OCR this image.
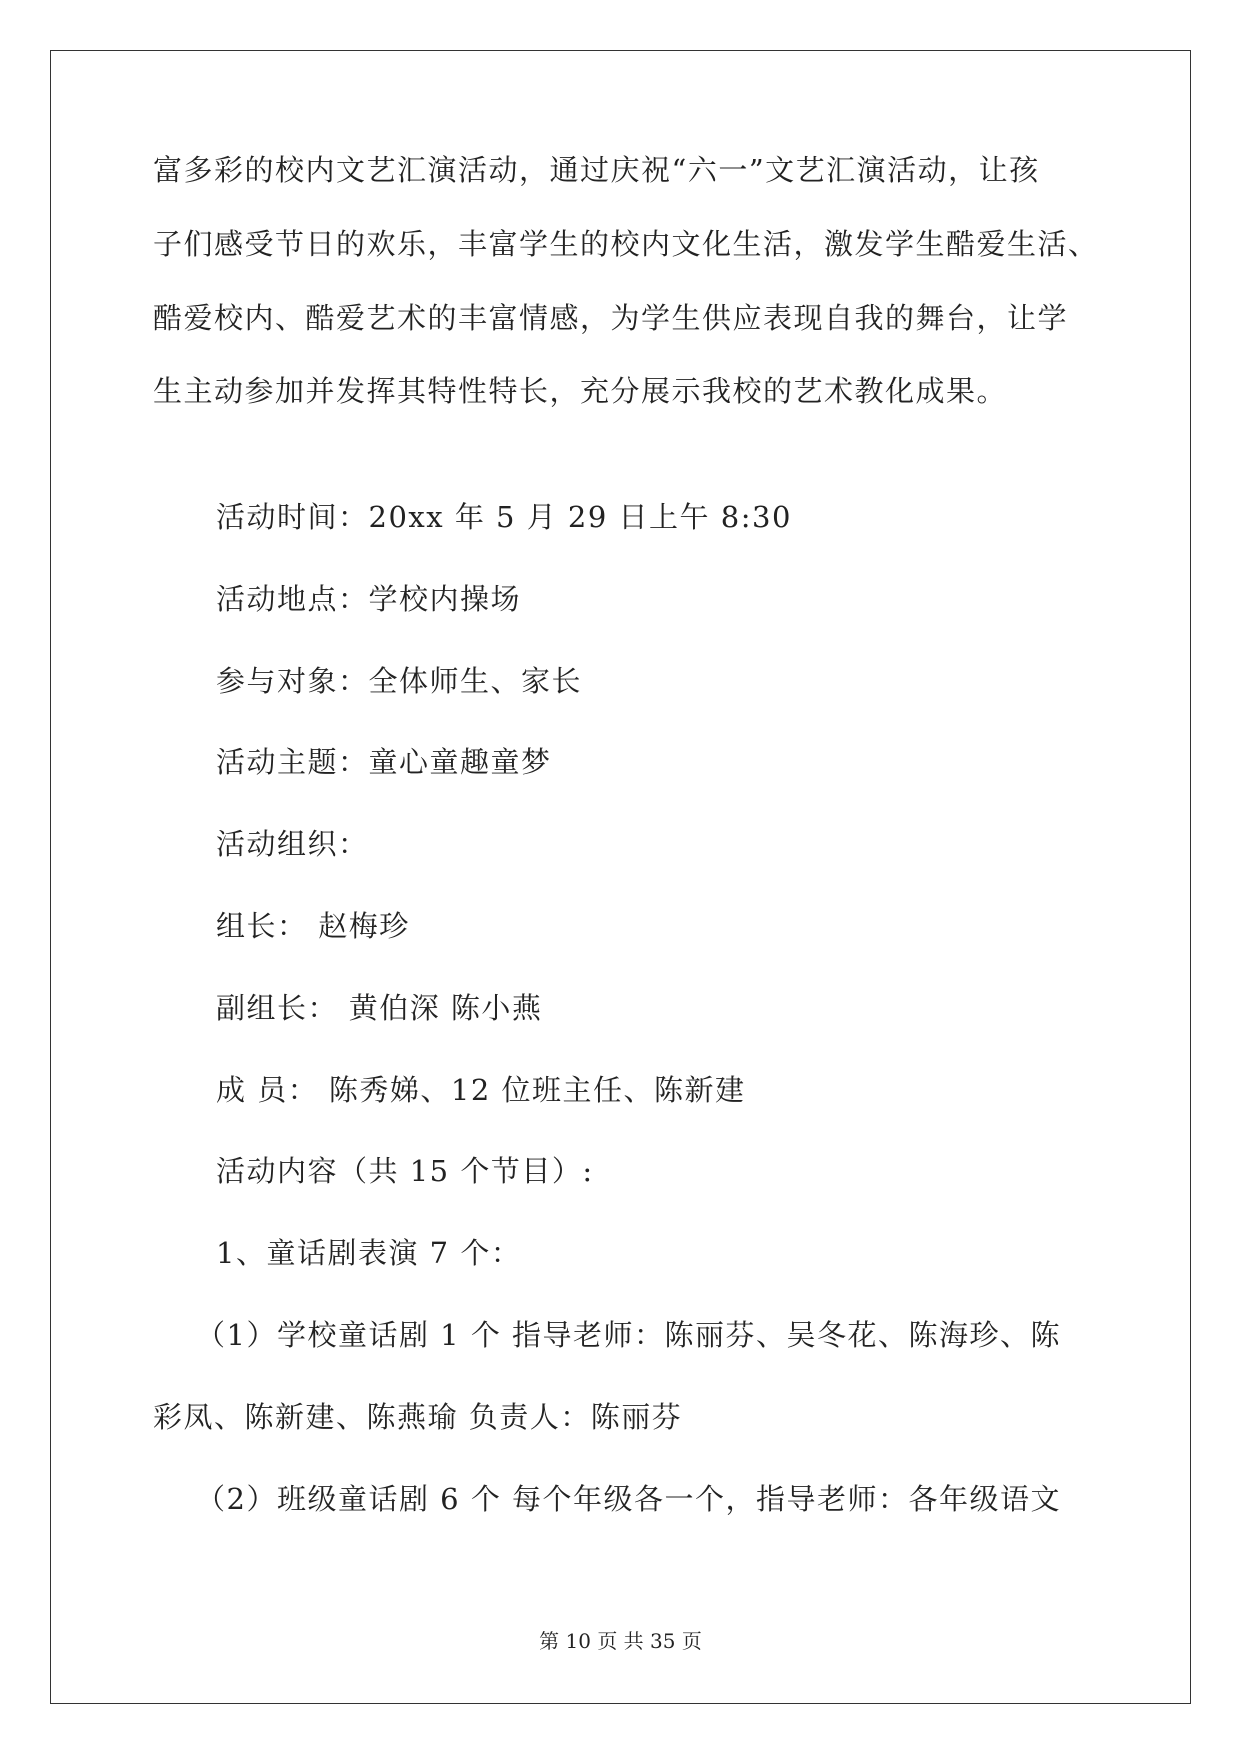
富多彩的校内文艺汇演活动，通过庆祝“六一”文艺汇演活动，让孩
子们感受节日的欢乐，丰富学生的校内文化生活，激发学生酷爱生活、
酷爱校内、酷爱艺术的丰富情感，为学生供应表现自我的舞台，让学
生主动参加并发挥其特性特长，充分展示我校的艺术教化成果。
活动时间：20xx 年 5 月 29 日上午 8:30
活动地点：学校内操场
参与对象：全体师生、家长
活动主题：童心童趣童梦
活动组织：
组长： 赵梅珍
副组长： 黄伯深 陈小燕
成 员： 陈秀娣、12 位班主任、陈新建
活动内容（共 15 个节目）:
1、童话剧表演 7 个：
（1）学校童话剧 1 个 指导老师：陈丽芬、吴冬花、陈海珍、陈
彩凤、陈新建、陈燕瑜 负责人：陈丽芬
（2）班级童话剧 6 个 每个年级各一个，指导老师：各年级语文
第 10 页 共 35 页
